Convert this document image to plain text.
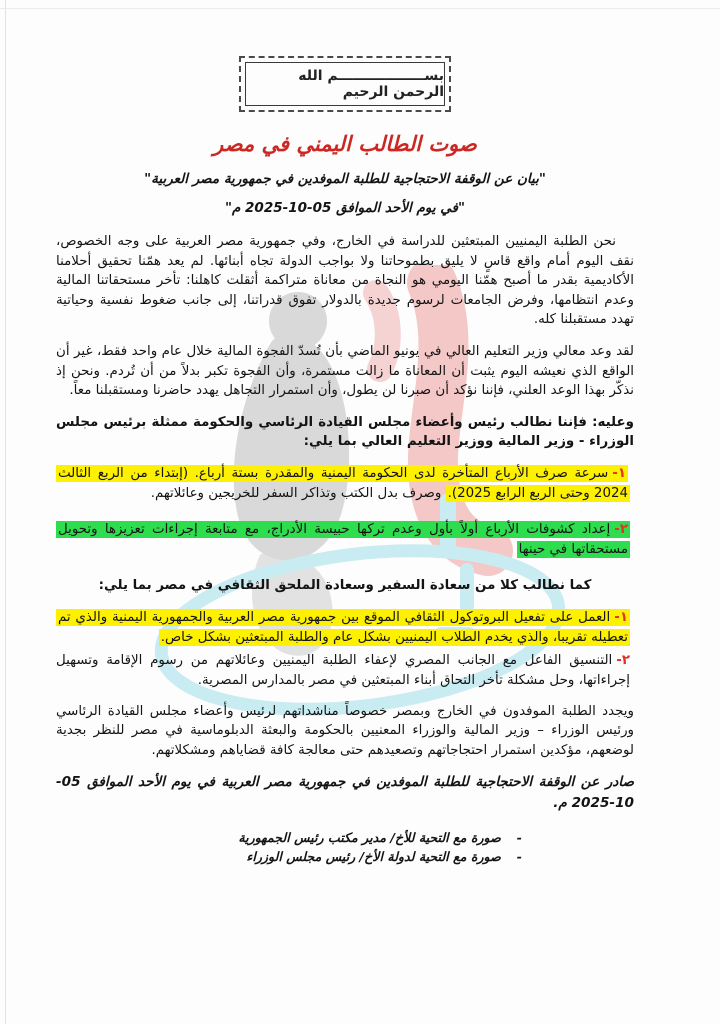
بســــــــــــــــــم الله الرحمن الرحيم
صوت الطالب اليمني في مصر

"بيان عن الوقفة الاحتجاجية للطلبة الموفدين في جمهورية مصر العربية"

"في يوم الأحد الموافق 05-10-2025 م"

نحن الطلبة اليمنيين المبتعثين للدراسة في الخارج، وفي جمهورية مصر العربية على وجه الخصوص، نقف اليوم أمام واقع قاسٍ لا يليق بطموحاتنا ولا بواجب الدولة تجاه أبنائها. لم يعد همّنا تحقيق أحلامنا الأكاديمية بقدر ما أصبح همّنا اليومي هو النجاة من معاناة متراكمة أثقلت كاهلنا: تأخر مستحقاتنا المالية وعدم انتظامها، وفرض الجامعات لرسوم جديدة بالدولار تفوق قدراتنا، إلى جانب ضغوط نفسية وحياتية تهدد مستقبلنا كله.

لقد وعد معالي وزير التعليم العالي في يونيو الماضي بأن تُسدّ الفجوة المالية خلال عام واحد فقط، غير أن الواقع الذي نعيشه اليوم يثبت أن المعاناة ما زالت مستمرة، وأن الفجوة تكبر بدلاً من أن تُردم. ونحن إذ نذكّر بهذا الوعد العلني، فإننا نؤكد أن صبرنا لن يطول، وأن استمرار التجاهل يهدد حاضرنا ومستقبلنا معاً.

وعليه: فإننا نطالب رئيس وأعضاء مجلس القيادة الرئاسي والحكومة ممثلة برئيس مجلس الوزراء - وزير المالية ووزير التعليم العالي بما يلي:

١-سرعة صرف الأرباع المتأخرة لدى الحكومة اليمنية والمقدرة بستة أرباع. (إبتداء من الربع الثالث 2024 وحتى الربع الرابع 2025). وصرف بدل الكتب وتذاكر السفر للخريجين وعائلاتهم.
٢-إعداد كشوفات الأرباع أولاً بأول وعدم تركها حبيسة الأدراج، مع متابعة إجراءات تعزيزها وتحويل مستحقاتها في حينها

كما نطالب كلا من سعادة السفير وسعادة الملحق الثقافي في مصر بما يلي:

١-العمل على تفعيل البروتوكول الثقافي الموقع بين جمهورية مصر العربية والجمهورية اليمنية والذي تم تعطيله تقريبا، والذي يخدم الطلاب اليمنيين بشكل عام والطلبة المبتعثين بشكل خاص.
٢-التنسيق الفاعل مع الجانب المصري لإعفاء الطلبة اليمنيين وعائلاتهم من رسوم الإقامة وتسهيل إجراءاتها، وحل مشكلة تأخر التحاق أبناء المبتعثين في مصر بالمدارس المصرية.

ويجدد الطلبة الموفدون في الخارج وبمصر خصوصاً مناشداتهم لرئيس وأعضاء مجلس القيادة الرئاسي ورئيس الوزراء – وزير المالية والوزراء المعنيين بالحكومة والبعثة الدبلوماسية في مصر للنظر بجدية لوضعهم، مؤكدين استمرار احتجاجاتهم وتصعيدهم حتى معالجة كافة قضاياهم ومشكلاتهم.

صادر عن الوقفة الاحتجاجية للطلبة الموفدين في جمهورية مصر العربية في يوم الأحد الموافق 05-10-2025 م.

-صورة مع التحية للأخ/ مدير مكتب رئيس الجمهورية
-صورة مع التحية لدولة الأخ/ رئيس مجلس الوزراء
